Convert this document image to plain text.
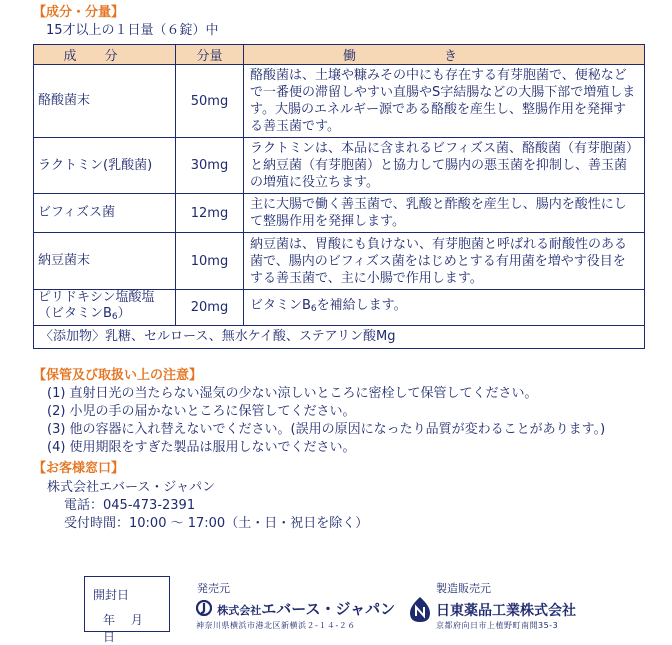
【成分・分量】
15才以上の１日量（６錠）中
成分	分量	働き
酪酸菌末	50mg	酪酸菌は、土壌や糠みその中にも存在する有芽胞菌で、便秘などで一番便の滞留しやすい直腸やS字結腸などの大腸下部で増殖します。大腸のエネルギー源である酪酸を産生し、整腸作用を発揮する善玉菌です。
ラクトミン(乳酸菌)	30mg	ラクトミンは、本品に含まれるビフィズス菌、酪酸菌（有芽胞菌）と納豆菌（有芽胞菌）と協力して腸内の悪玉菌を抑制し、善玉菌の増殖に役立ちます。
ビフィズス菌	12mg	主に大腸で働く善玉菌で、乳酸と酢酸を産生し、腸内を酸性にして整腸作用を発揮します。
納豆菌末	10mg	納豆菌は、胃酸にも負けない、有芽胞菌と呼ばれる耐酸性のある菌で、腸内のビフィズス菌をはじめとする有用菌を増やす役目をする善玉菌で、主に小腸で作用します。

ピリドキシン塩酸塩
（ビタミン$B_6$）	20mg	ビタミン$B_6$を補給します。
〈添加物〉乳糖、セルロース、無水ケイ酸、ステアリン酸Mg		
【保管及び取扱い上の注意】
(1) 直射日光の当たらない湿気の少ない涼しいところに密栓して保管してください。
(2) 小児の手の届かないところに保管してください。
(3) 他の容器に入れ替えないでください。(誤用の原因になったり品質が変わることがあります。)
(4) 使用期限をすぎた製品は服用しないでください。
【お客様窓口】
株式会社エバース・ジャパン
電話：045-473-2391
受付時間：10:00 〜 17:00（土・日・祝日を除く）
開封日
年 月 日
発売元
株式会社エバース・ジャパン
神奈川県横浜市港北区新横浜２-１４-２６
製造販売元
日東薬品工業株式会社
京都府向日市上植野町南開35-3
